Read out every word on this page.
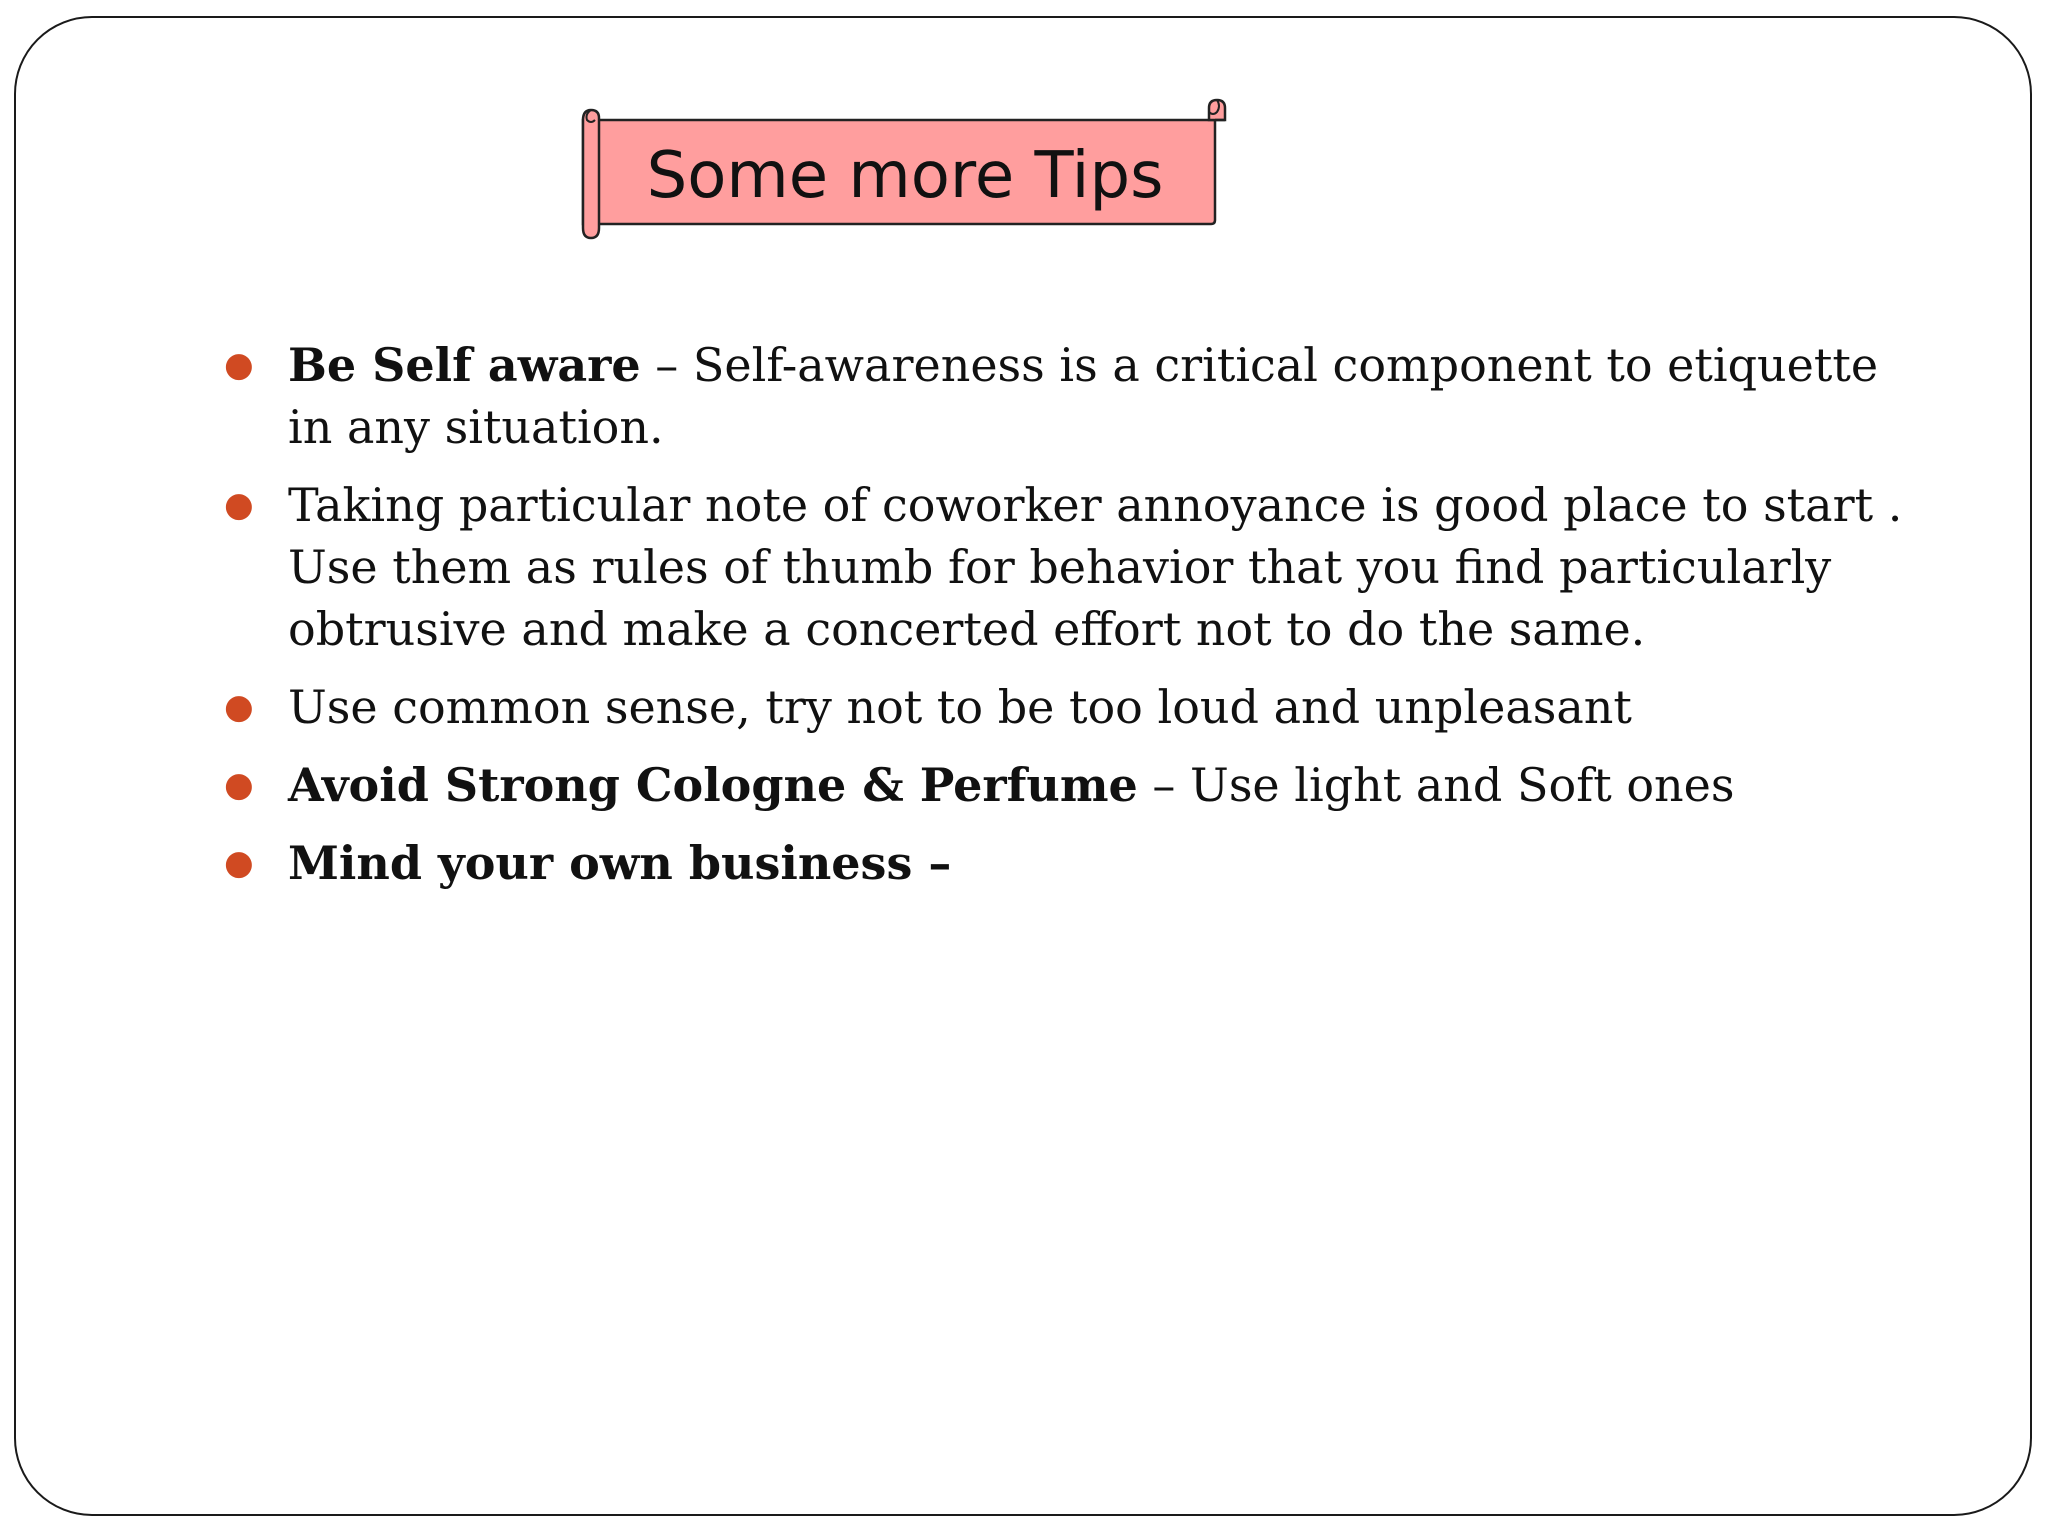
Some more Tips
● Be Self aware – Self-awareness is a critical component to etiquette in any situation.
● Taking particular note of coworker annoyance is good place to start . Use them as rules of thumb for behavior that you find particularly obtrusive and make a concerted effort not to do the same.
● Use common sense, try not to be too loud and unpleasant
● Avoid Strong Cologne & Perfume – Use light and Soft ones
● Mind your own business –
